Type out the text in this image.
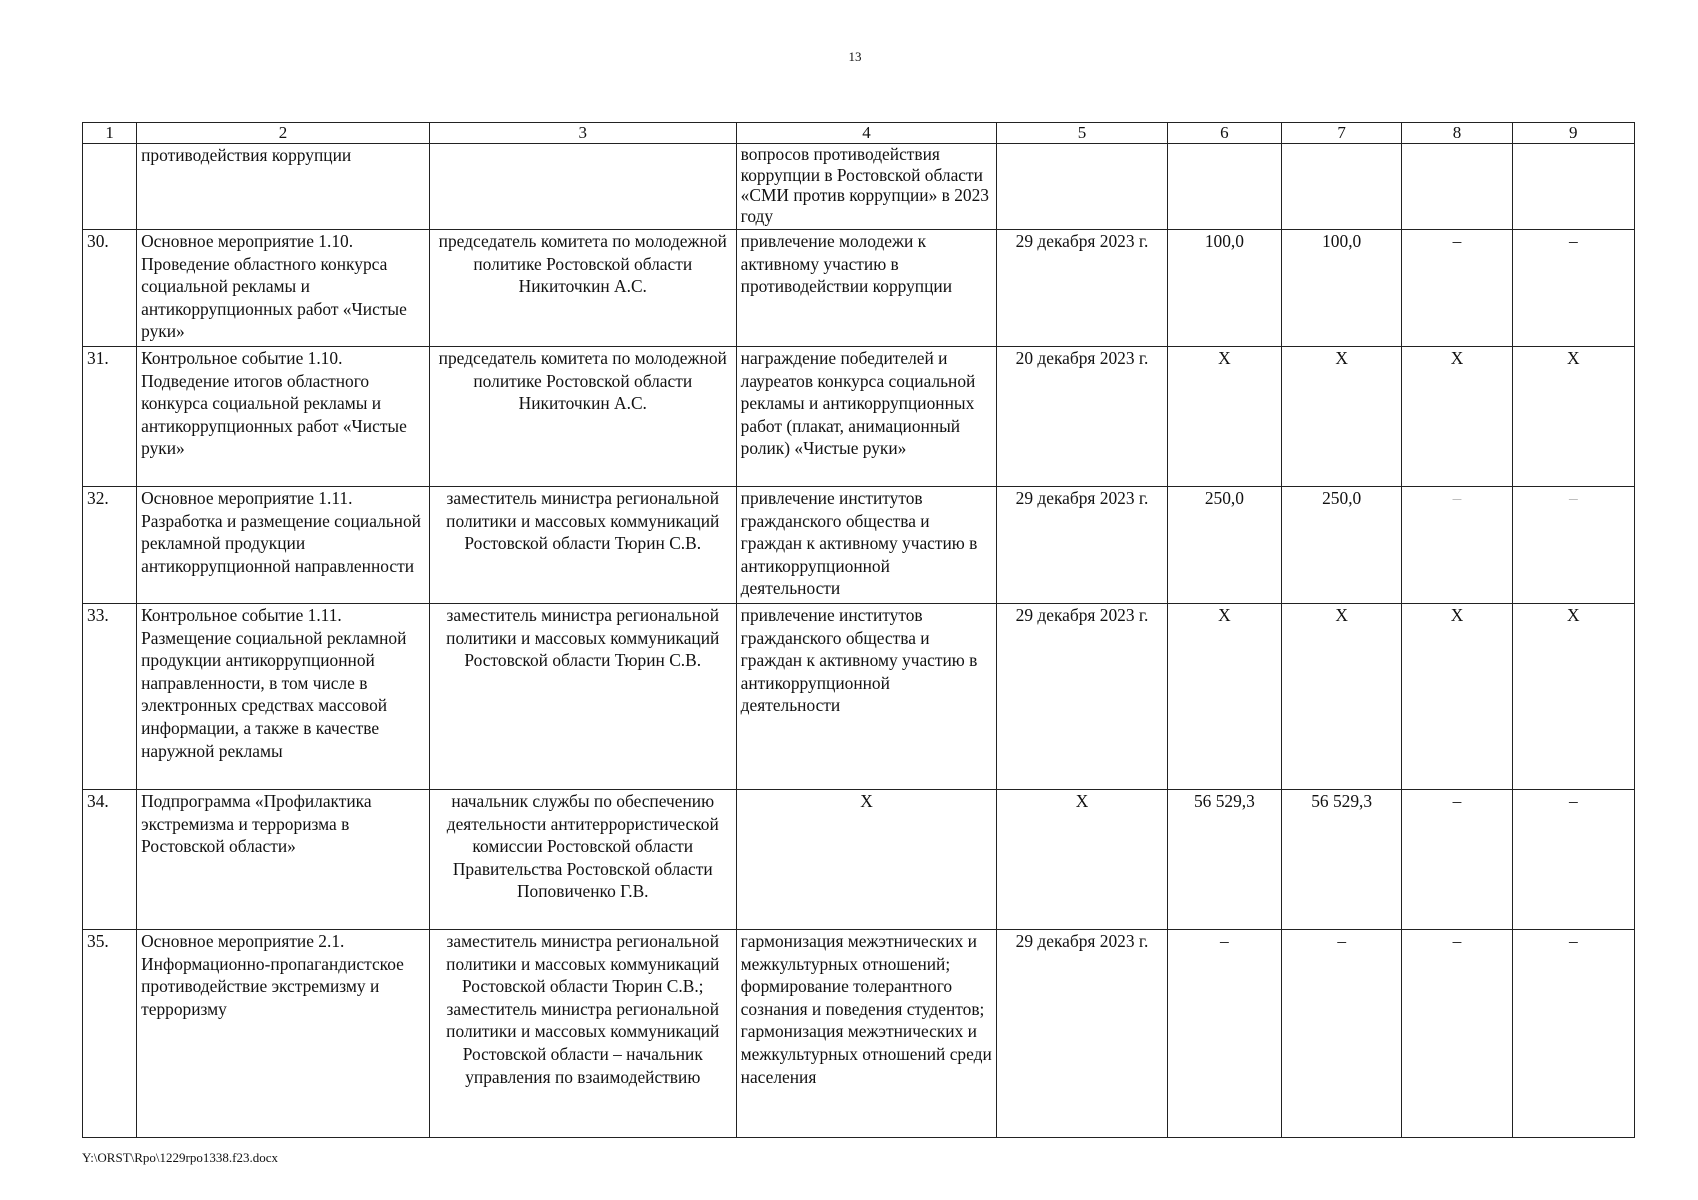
13
1	2	3	4	5	6	7	8	9
	противодействия коррупции		вопросов противодействия коррупции в Ростовской области «СМИ против коррупции» в 2023 году					
30.	Основное мероприятие 1.10. Проведение областного конкурса социальной рекламы и антикоррупционных работ «Чистые руки»	председатель комитета по молодежной политике Ростовской области Никиточкин А.С.	привлечение молодежи к активному участию в противодействии коррупции	29 декабря 2023 г.	100,0	100,0	–	–
31.	Контрольное событие 1.10. Подведение итогов областного конкурса социальной рекламы и антикоррупционных работ «Чистые руки»	председатель комитета по молодежной политике Ростовской области Никиточкин А.С.	награждение победителей и лауреатов конкурса социальной рекламы и антикоррупционных работ (плакат, анимационный ролик) «Чистые руки»	20 декабря 2023 г.	Х	Х	Х	Х
32.	Основное мероприятие 1.11. Разработка и размещение социальной рекламной продукции антикоррупционной направленности	заместитель министра региональной политики и массовых коммуникаций Ростовской области Тюрин С.В.	привлечение институтов гражданского общества и граждан к активному участию в антикоррупционной деятельности	29 декабря 2023 г.	250,0	250,0	–	–
33.	Контрольное событие 1.11. Размещение социальной рекламной продукции антикоррупционной направленности, в том числе в электронных средствах массовой информации, а также в качестве наружной рекламы	заместитель министра региональной политики и массовых коммуникаций Ростовской области Тюрин С.В.	привлечение институтов гражданского общества и граждан к активному участию в антикоррупционной деятельности	29 декабря 2023 г.	Х	Х	Х	Х
34.	Подпрограмма «Профилактика экстремизма и терроризма в Ростовской области»	начальник службы по обеспечению деятельности антитеррористической комиссии Ростовской области Правительства Ростовской области Поповиченко Г.В.	Х	Х	56 529,3	56 529,3	–	–
35.	Основное мероприятие 2.1. Информационно-пропагандистское противодействие экстремизму и терроризму	заместитель министра региональной политики и массовых коммуникаций Ростовской области Тюрин С.В.; заместитель министра региональной политики и массовых коммуникаций Ростовской области – начальник управления по взаимодействию	гармонизация межэтнических и межкультурных отношений; формирование толерантного сознания и поведения студентов; гармонизация межэтнических и межкультурных отношений среди населения	29 декабря 2023 г.	–	–	–	–
Y:\ORST\Rpo\1229rpo1338.f23.docx
